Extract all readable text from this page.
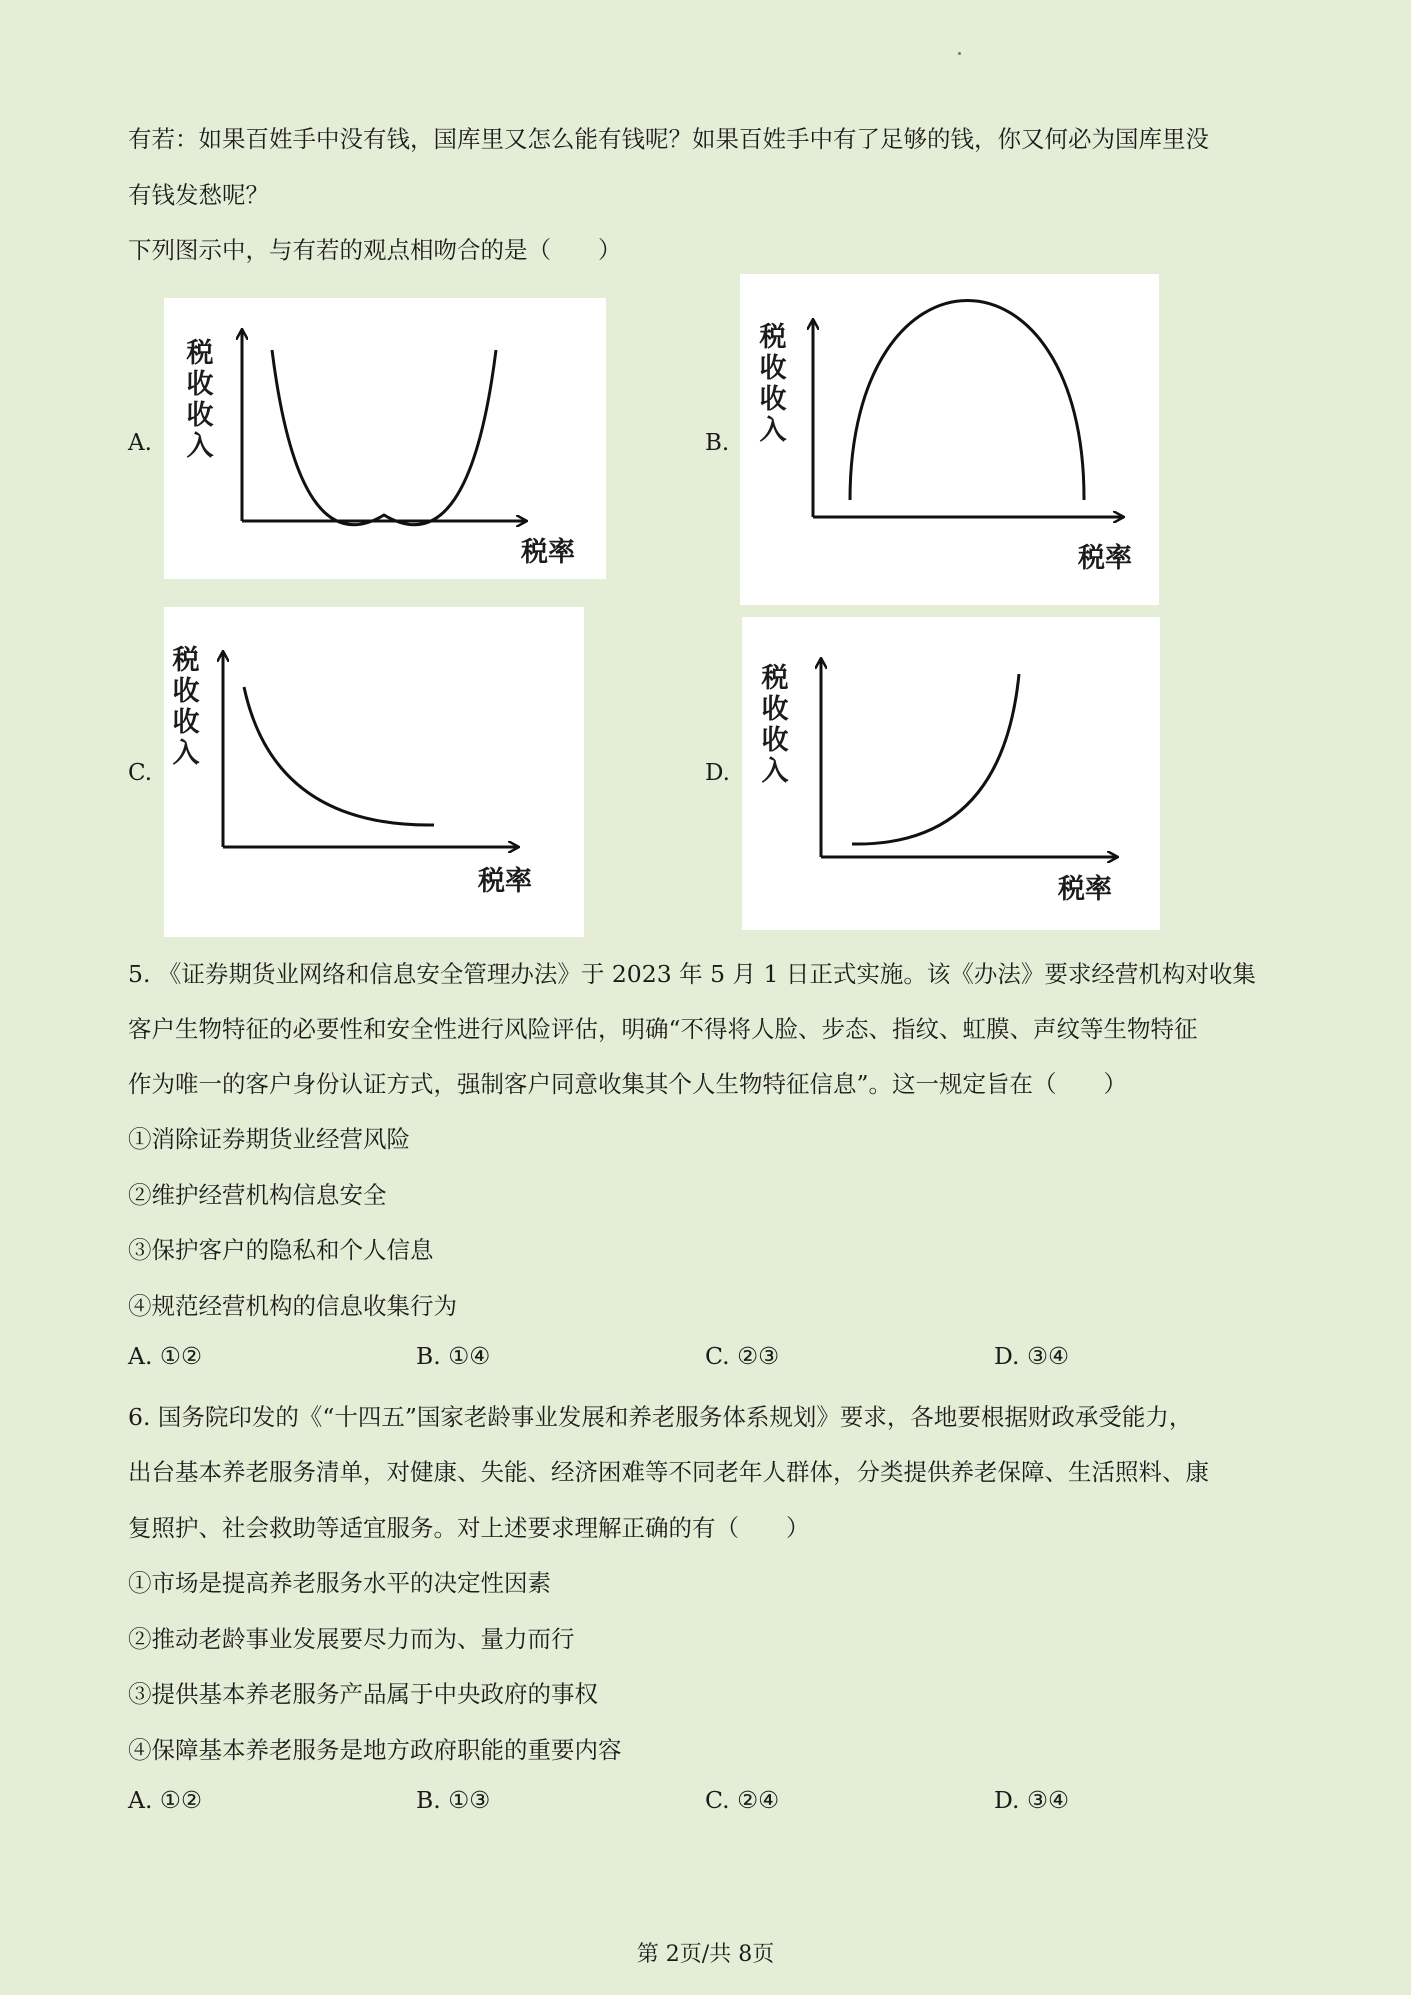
有若：如果百姓手中没有钱，国库里又怎么能有钱呢？如果百姓手中有了足够的钱，你又何必为国库里没
有钱发愁呢？
下列图示中，与有若的观点相吻合的是（　　）
A.
税收收入
税率
B.
税收收入
税率
C.
税收收入
税率
D.
税收收入
税率
5. 《证券期货业网络和信息安全管理办法》于 2023 年 5 月 1 日正式实施。该《办法》要求经营机构对收集
客户生物特征的必要性和安全性进行风险评估，明确“不得将人脸、步态、指纹、虹膜、声纹等生物特征
作为唯一的客户身份认证方式，强制客户同意收集其个人生物特征信息”。这一规定旨在（　　）
①消除证券期货业经营风险
②维护经营机构信息安全
③保护客户的隐私和个人信息
④规范经营机构的信息收集行为
A. ①②	B. ①④	C. ②③	D. ③④
6. 国务院印发的《“十四五”国家老龄事业发展和养老服务体系规划》要求，各地要根据财政承受能力，
出台基本养老服务清单，对健康、失能、经济困难等不同老年人群体，分类提供养老保障、生活照料、康
复照护、社会救助等适宜服务。对上述要求理解正确的有（　　）
①市场是提高养老服务水平的决定性因素
②推动老龄事业发展要尽力而为、量力而行
③提供基本养老服务产品属于中央政府的事权
④保障基本养老服务是地方政府职能的重要内容
A. ①②	B. ①③	C. ②④	D. ③④
第 2页/共 8页
